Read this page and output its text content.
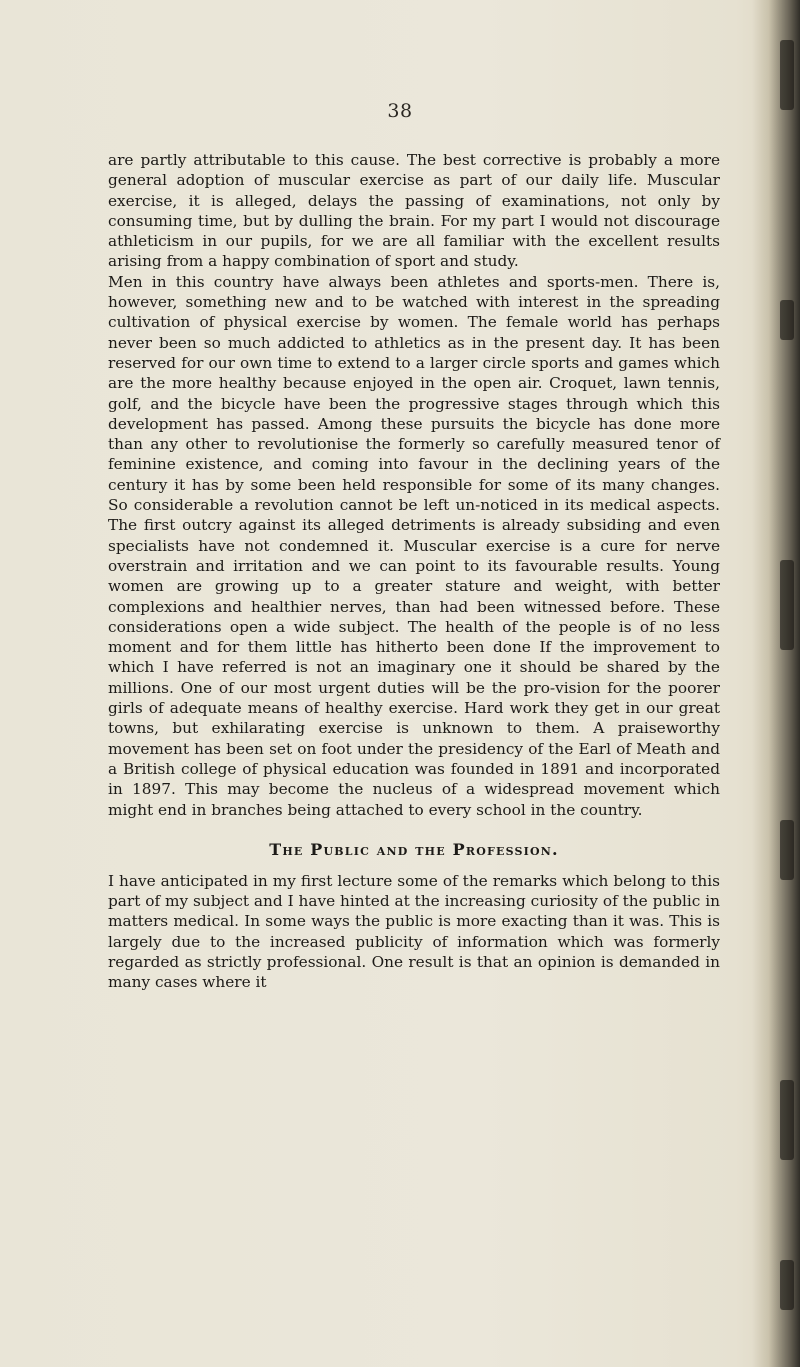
38

are partly attributable to this cause. The best corrective is probably a more general adoption of muscular exercise as part of our daily life. Muscular exercise, it is alleged, delays the passing of examinations, not only by consuming time, but by dulling the brain. For my part I would not discourage athleticism in our pupils, for we are all familiar with the excellent results arising from a happy combination of sport and study.

Men in this country have always been athletes and sports-men. There is, however, something new and to be watched with interest in the spreading cultivation of physical exercise by women. The female world has perhaps never been so much addicted to athletics as in the present day. It has been reserved for our own time to extend to a larger circle sports and games which are the more healthy because enjoyed in the open air. Croquet, lawn tennis, golf, and the bicycle have been the progressive stages through which this development has passed. Among these pursuits the bicycle has done more than any other to revolutionise the formerly so carefully measured tenor of feminine existence, and coming into favour in the declining years of the century it has by some been held responsible for some of its many changes. So considerable a revolution cannot be left un-noticed in its medical aspects. The first outcry against its alleged detriments is already subsiding and even specialists have not condemned it. Muscular exercise is a cure for nerve overstrain and irritation and we can point to its favourable results. Young women are growing up to a greater stature and weight, with better complexions and healthier nerves, than had been witnessed before. These considerations open a wide subject. The health of the people is of no less moment and for them little has hitherto been done If the improvement to which I have referred is not an imaginary one it should be shared by the millions. One of our most urgent duties will be the pro-vision for the poorer girls of adequate means of healthy exercise. Hard work they get in our great towns, but exhilarating exercise is unknown to them. A praiseworthy movement has been set on foot under the presidency of the Earl of Meath and a British college of physical education was founded in 1891 and incorporated in 1897. This may become the nucleus of a widespread movement which might end in branches being attached to every school in the country.

The Public and the Profession.

I have anticipated in my first lecture some of the remarks which belong to this part of my subject and I have hinted at the increasing curiosity of the public in matters medical. In some ways the public is more exacting than it was. This is largely due to the increased publicity of information which was formerly regarded as strictly professional. One result is that an opinion is demanded in many cases where it
